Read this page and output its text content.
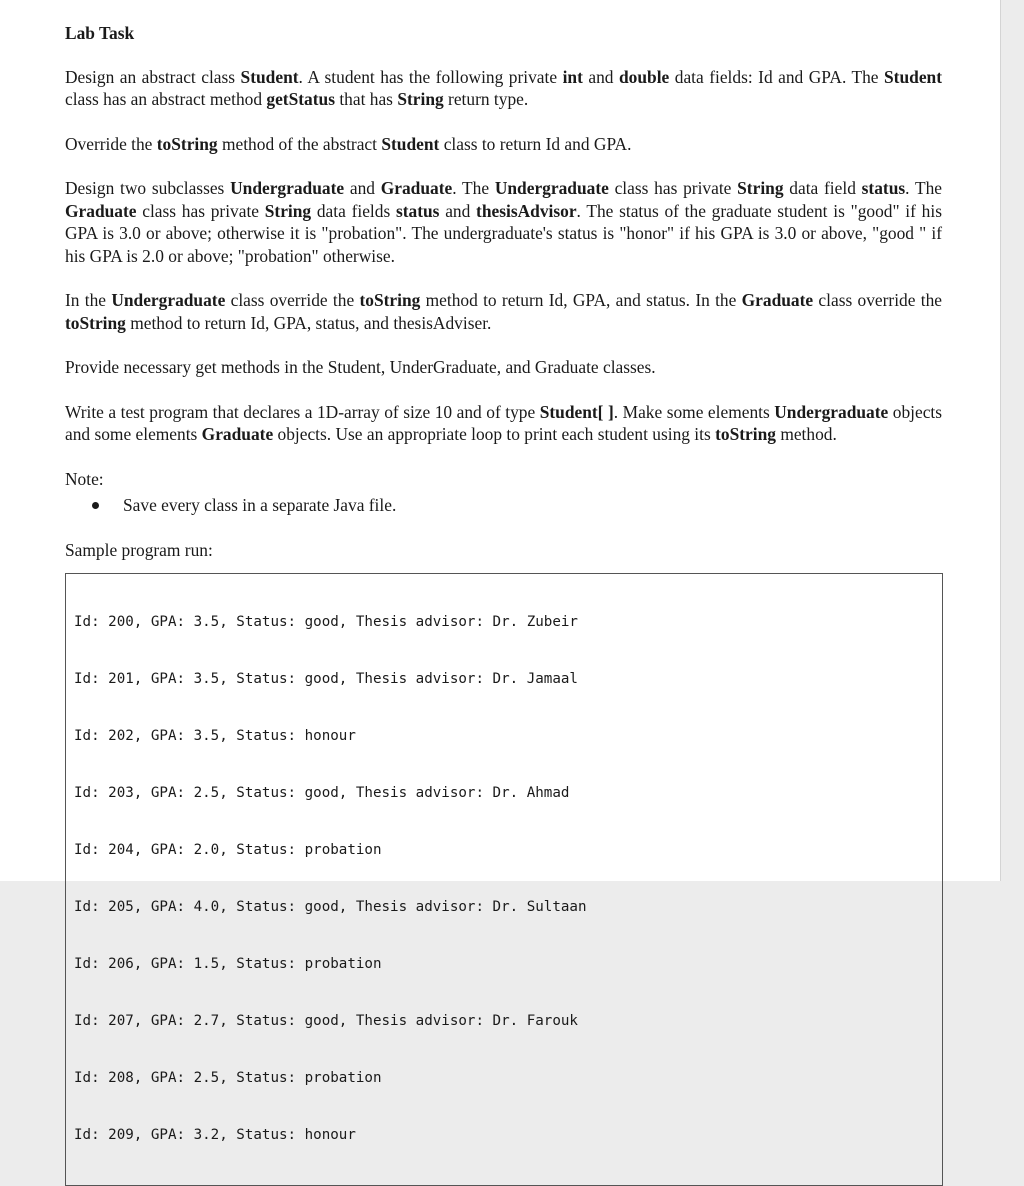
Lab Task

Design an abstract class Student. A student has the following private int and double data fields: Id and GPA. The Student class has an abstract method getStatus that has String return type.

Override the toString method of the abstract Student class to return Id and GPA.

Design two subclasses Undergraduate and Graduate. The Undergraduate class has private String data field status. The Graduate class has private String data fields status and thesisAdvisor. The status of the graduate student is "good" if his GPA is 3.0 or above; otherwise it is "probation". The undergraduate's status is "honor" if his GPA is 3.0 or above, "good " if his GPA is 2.0 or above; "probation" otherwise.

In the Undergraduate class override the toString method to return Id, GPA, and status. In the Graduate class override the toString method to return Id, GPA, status, and thesisAdviser.

Provide necessary get methods in the Student, UnderGraduate, and Graduate classes.

Write a test program that declares a 1D-array of size 10 and of type Student[ ]. Make some elements Undergraduate objects and some elements Graduate objects. Use an appropriate loop to print each student using its toString method.

Note:
Save every class in a separate Java file.
Sample program run:

Id: 200, GPA: 3.5, Status: good, Thesis advisor: Dr. Zubeir

Id: 201, GPA: 3.5, Status: good, Thesis advisor: Dr. Jamaal

Id: 202, GPA: 3.5, Status: honour

Id: 203, GPA: 2.5, Status: good, Thesis advisor: Dr. Ahmad

Id: 204, GPA: 2.0, Status: probation

Id: 205, GPA: 4.0, Status: good, Thesis advisor: Dr. Sultaan

Id: 206, GPA: 1.5, Status: probation

Id: 207, GPA: 2.7, Status: good, Thesis advisor: Dr. Farouk

Id: 208, GPA: 2.5, Status: probation

Id: 209, GPA: 3.2, Status: honour
